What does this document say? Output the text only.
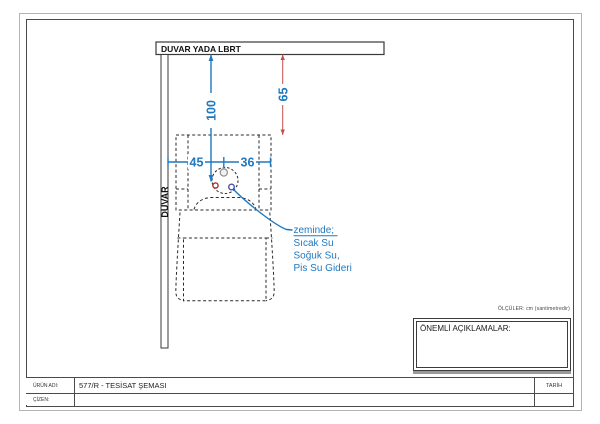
DUVAR YADA LBRT
DUVAR
45	36
100
65
zeminde;
Sıcak Su
Soğuk Su,
Pis Su Gideri
ÖLÇÜLER: cm (santimetredir)
ÖNEMLİ AÇIKLAMALAR:
ÜRÜN ADI:	577/R - TESİSAT ŞEMASI	TARİH
ÇİZEN:
